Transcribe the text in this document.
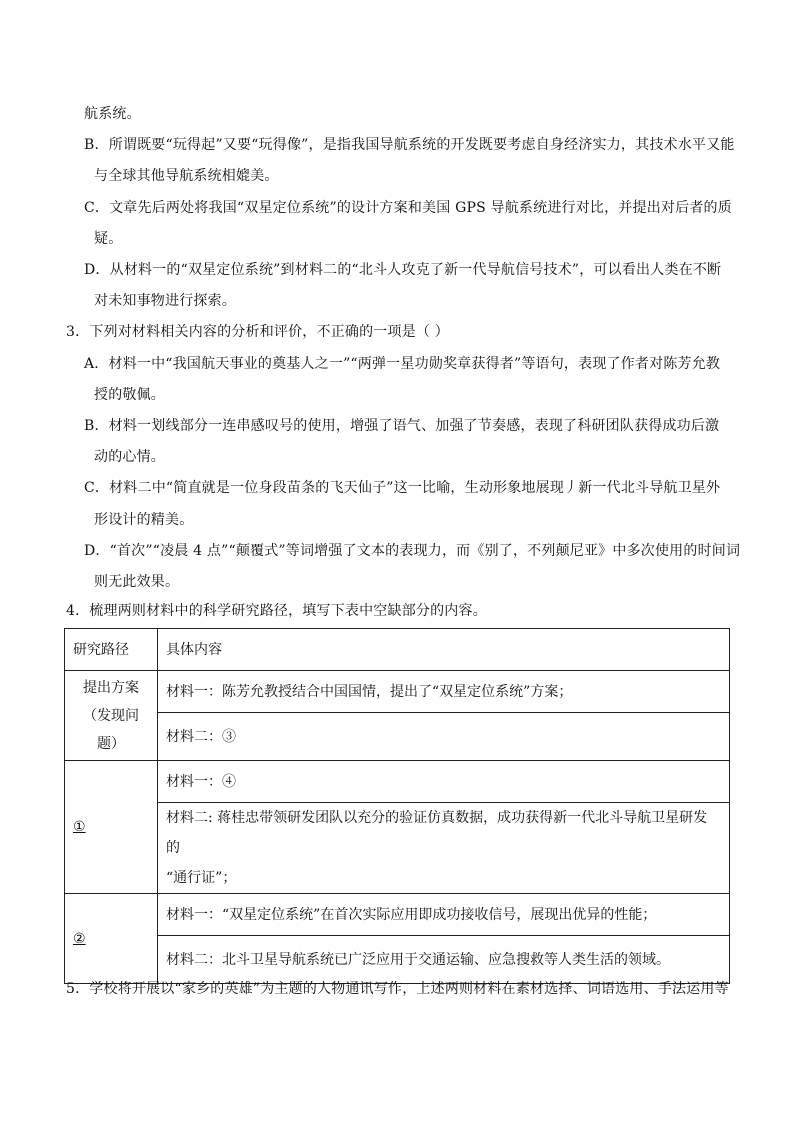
航系统。
B．所谓既要“玩得起”又要“玩得像”，是指我国导航系统的开发既要考虑自身经济实力，其技术水平又能
与全球其他导航系统相媲美。
C．文章先后两处将我国“双星定位系统”的设计方案和美国 GPS 导航系统进行对比，并提出对后者的质
疑。
D．从材料一的“双星定位系统”到材料二的“北斗人攻克了新一代导航信号技术”，可以看出人类在不断
对未知事物进行探索。
3．下列对材料相关内容的分析和评价，不正确的一项是（ ）
A．材料一中“我国航天事业的奠基人之一”“两弹一星功勋奖章获得者”等语句，表现了作者对陈芳允教
授的敬佩。
B．材料一划线部分一连串感叹号的使用，增强了语气、加强了节奏感，表现了科研团队获得成功后激
动的心情。
C．材料二中“简直就是一位身段苗条的飞天仙子”这一比喻，生动形象地展现丿新一代北斗导航卫星外
形设计的精美。
D．“首次”“凌晨 4 点”“颠覆式”等词增强了文本的表现力，而《别了，不列颠尼亚》中多次使用的时间词
则无此效果。
4．梳理两则材料中的科学研究路径，填写下表中空缺部分的内容。
研究路径	具体内容

提出方案
（发现问题）	材料一：陈芳允教授结合中国国情，提出了“双星定位系统”方案；
	材料二：③
①	材料一：④

	材料二: 蒋桂忠带领研发团队以充分的验证仿真数据，成功获得新一代北斗导航卫星研发的
“通行证”；

②	材料一：“双星定位系统”在首次实际应用即成功接收信号，展现出优异的性能；
	材料二：北斗卫星导航系统已广泛应用于交通运输、应急搜救等人类生活的领域。
5．学校将开展以“家乡的英雄”为主题的人物通讯写作，上述两则材料在素材选择、词语选用、手法运用等
